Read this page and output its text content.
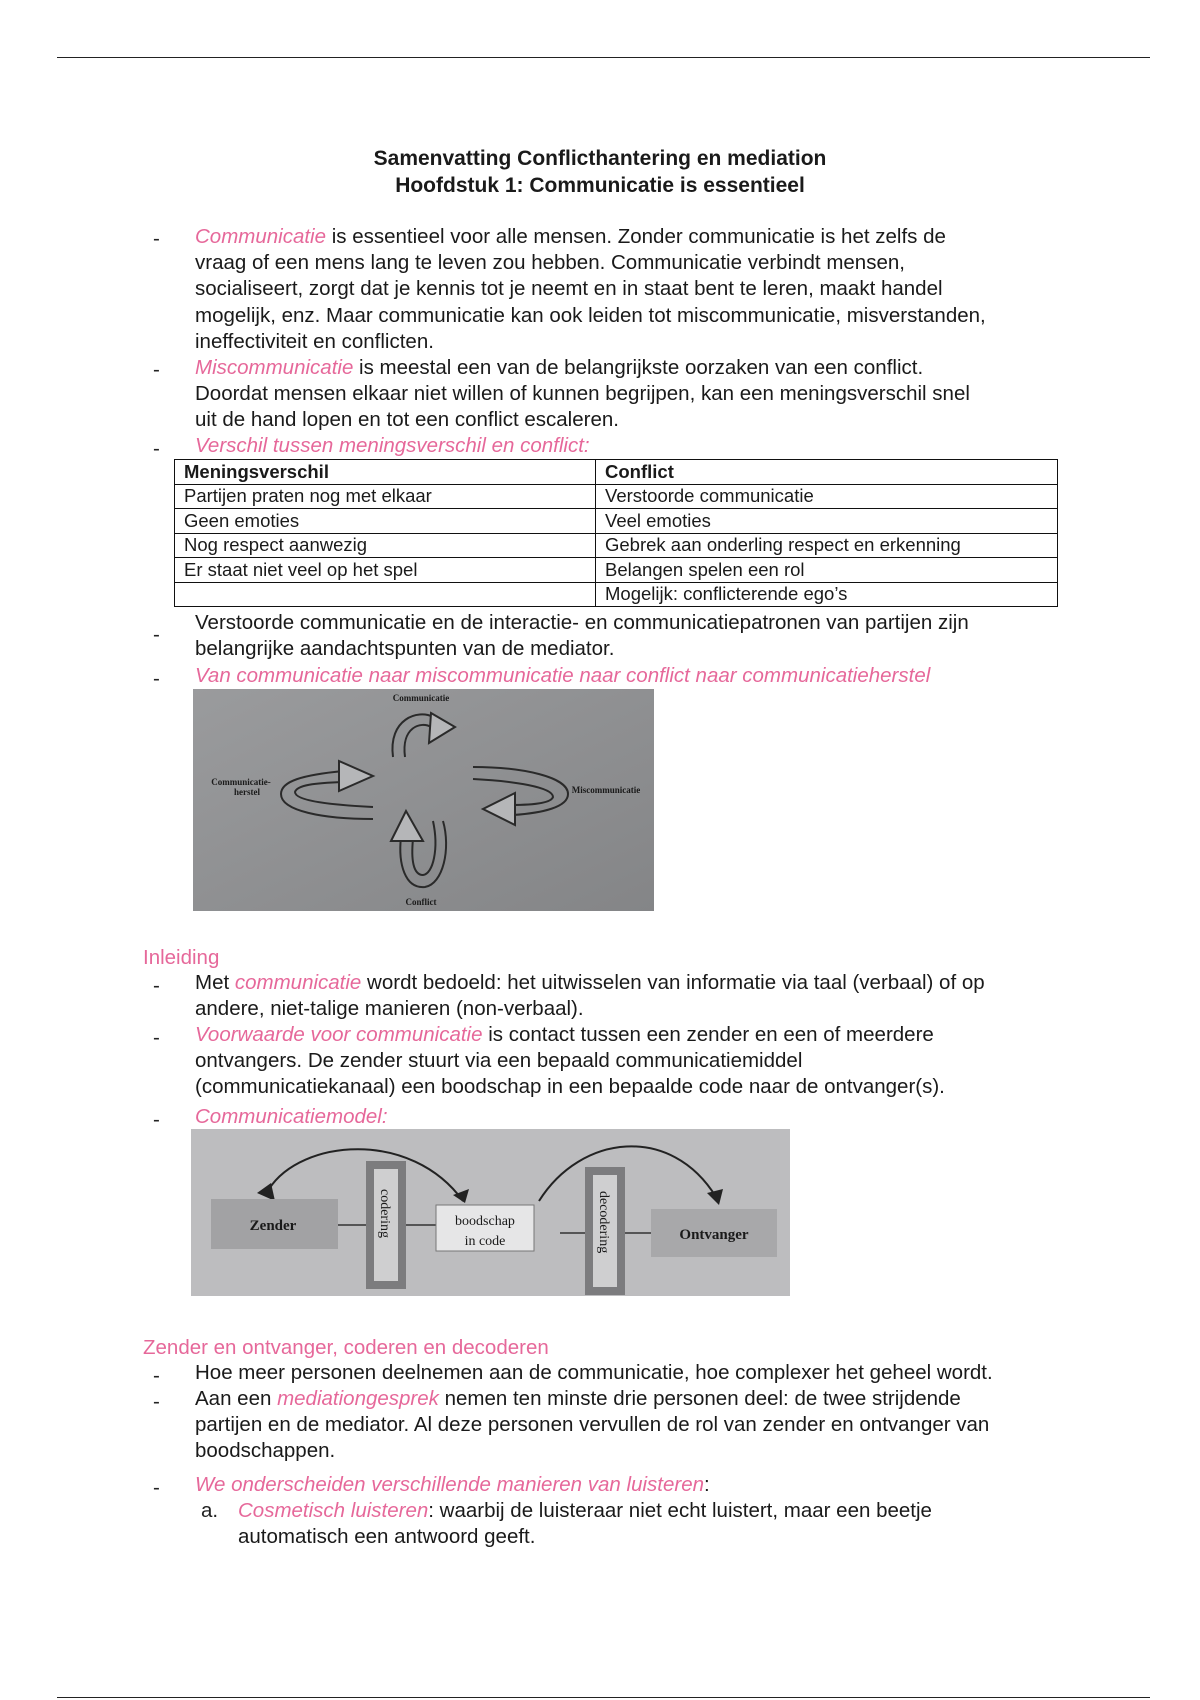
Samenvatting Conflicthantering en mediation
Hoofdstuk 1: Communicatie is essentieel
- Communicatie is essentieel voor alle mensen. Zonder communicatie is het zelfs de
vraag of een mens lang te leven zou hebben. Communicatie verbindt mensen,
socialiseert, zorgt dat je kennis tot je neemt en in staat bent te leren, maakt handel
mogelijk, enz. Maar communicatie kan ook leiden tot miscommunicatie, misverstanden,
ineffectiviteit en conflicten.
- Miscommunicatie is meestal een van de belangrijkste oorzaken van een conflict.
Doordat mensen elkaar niet willen of kunnen begrijpen, kan een meningsverschil snel
uit de hand lopen en tot een conflict escaleren.
- Verschil tussen meningsverschil en conflict:
Meningsverschil	Conflict
Partijen praten nog met elkaar	Verstoorde communicatie
Geen emoties	Veel emoties
Nog respect aanwezig	Gebrek aan onderling respect en erkenning
Er staat niet veel op het spel	Belangen spelen een rol
	Mogelijk: conflicterende ego’s
-
Verstoorde communicatie en de interactie- en communicatiepatronen van partijen zijn
belangrijke aandachtspunten van de mediator.
- Van communicatie naar miscommunicatie naar conflict naar communicatieherstel
Communicatie
Miscommunicatie
Conflict
Communicatie-
herstel
Inleiding
- Met communicatie wordt bedoeld: het uitwisselen van informatie via taal (verbaal) of op
andere, niet-talige manieren (non-verbaal).
- Voorwaarde voor communicatie is contact tussen een zender en een of meerdere
ontvangers. De zender stuurt via een bepaald communicatiemiddel
(communicatiekanaal) een boodschap in een bepaalde code naar de ontvanger(s).
- Communicatiemodel:
Zender	codering	boodschap
in code	decodering	Ontvanger
Zender en ontvanger, coderen en decoderen
- Hoe meer personen deelnemen aan de communicatie, hoe complexer het geheel wordt.
- Aan een mediationgesprek nemen ten minste drie personen deel: de twee strijdende
partijen en de mediator. Al deze personen vervullen de rol van zender en ontvanger van
boodschappen.
- We onderscheiden verschillende manieren van luisteren:
a. Cosmetisch luisteren: waarbij de luisteraar niet echt luistert, maar een beetje
automatisch een antwoord geeft.
